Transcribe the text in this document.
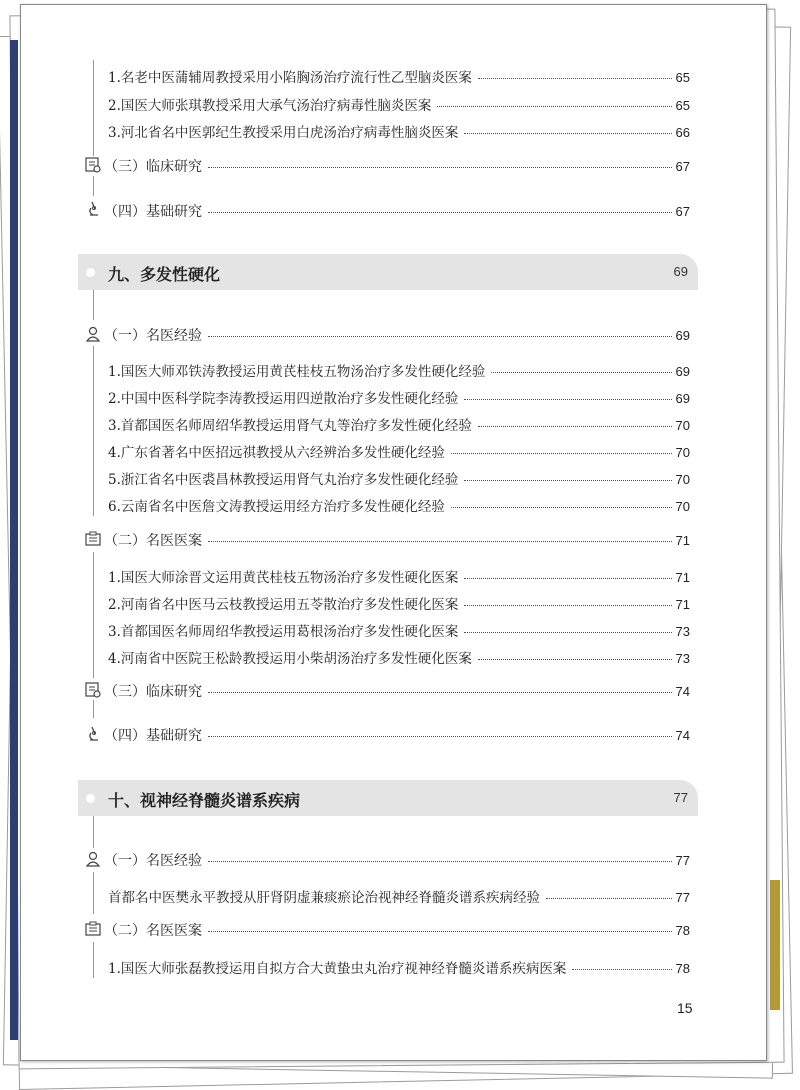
1.名老中医蒲辅周教授采用小陷胸汤治疗流行性乙型脑炎医案	65
2.国医大师张琪教授采用大承气汤治疗病毒性脑炎医案	65
3.河北省名中医郭纪生教授采用白虎汤治疗病毒性脑炎医案	66
（三）临床研究	67
（四）基础研究	67
九、多发性硬化	69
（一）名医经验	69
1.国医大师邓铁涛教授运用黄芪桂枝五物汤治疗多发性硬化经验	69
2.中国中医科学院李涛教授运用四逆散治疗多发性硬化经验	69
3.首都国医名师周绍华教授运用肾气丸等治疗多发性硬化经验	70
4.广东省著名中医招远祺教授从六经辨治多发性硬化经验	70
5.浙江省名中医裘昌林教授运用肾气丸治疗多发性硬化经验	70
6.云南省名中医詹文涛教授运用经方治疗多发性硬化经验	70
（二）名医医案	71
1.国医大师涂晋文运用黄芪桂枝五物汤治疗多发性硬化医案	71
2.河南省名中医马云枝教授运用五苓散治疗多发性硬化医案	71
3.首都国医名师周绍华教授运用葛根汤治疗多发性硬化医案	73
4.河南省中医院王松龄教授运用小柴胡汤治疗多发性硬化医案	73
（三）临床研究	74
（四）基础研究	74
十、视神经脊髓炎谱系疾病	77
（一）名医经验	77
首都名中医樊永平教授从肝肾阴虚兼痰瘀论治视神经脊髓炎谱系疾病经验	77
（二）名医医案	78
1.国医大师张磊教授运用自拟方合大黄蛰虫丸治疗视神经脊髓炎谱系疾病医案	78
15
